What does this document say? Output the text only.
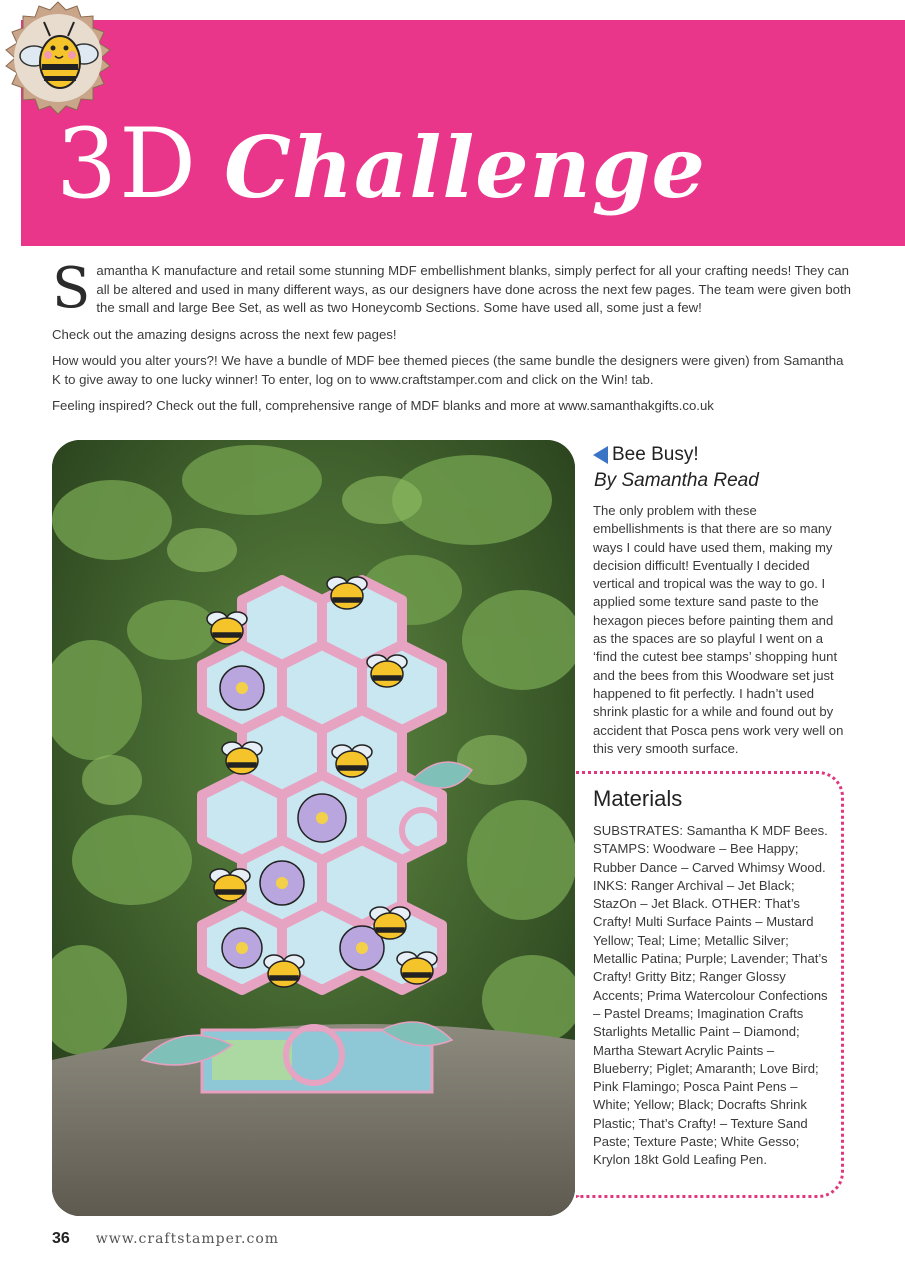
3D Challenge

Samantha K manufacture and retail some stunning MDF embellishment blanks, simply perfect for all your crafting needs! They can all be altered and used in many different ways, as our designers have done across the next few pages. The team were given both the small and large Bee Set, as well as two Honeycomb Sections. Some have used all, some just a few!

Check out the amazing designs across the next few pages!

How would you alter yours?! We have a bundle of MDF bee themed pieces (the same bundle the designers were given) from Samantha K to give away to one lucky winner! To enter, log on to www.craftstamper.com and click on the Win! tab.

Feeling inspired? Check out the full, comprehensive range of MDF blanks and more at www.samanthakgifts.co.uk

Bee Busy!
By Samantha Read
The only problem with these embellishments is that there are so many ways I could have used them, making my decision difficult! Eventually I decided vertical and tropical was the way to go. I applied some texture sand paste to the hexagon pieces before painting them and as the spaces are so playful I went on a ‘find the cutest bee stamps’ shopping hunt and the bees from this Woodware set just happened to fit perfectly. I hadn’t used shrink plastic for a while and found out by accident that Posca pens work very well on this very smooth surface.
Materials
SUBSTRATES: Samantha K MDF Bees. STAMPS: Woodware – Bee Happy; Rubber Dance – Carved Whimsy Wood. INKS: Ranger Archival – Jet Black; StazOn – Jet Black. OTHER: That’s Crafty! Multi Surface Paints – Mustard Yellow; Teal; Lime; Metallic Silver; Metallic Patina; Purple; Lavender; That’s Crafty! Gritty Bitz; Ranger Glossy Accents; Prima Watercolour Confections – Pastel Dreams; Imagination Crafts Starlights Metallic Paint – Diamond; Martha Stewart Acrylic Paints – Blueberry; Piglet; Amaranth; Love Bird; Pink Flamingo; Posca Paint Pens – White; Yellow; Black; Docrafts Shrink Plastic; That’s Crafty! – Texture Sand Paste; Texture Paste; White Gesso; Krylon 18kt Gold Leafing Pen.
36 www.craftstamper.com
